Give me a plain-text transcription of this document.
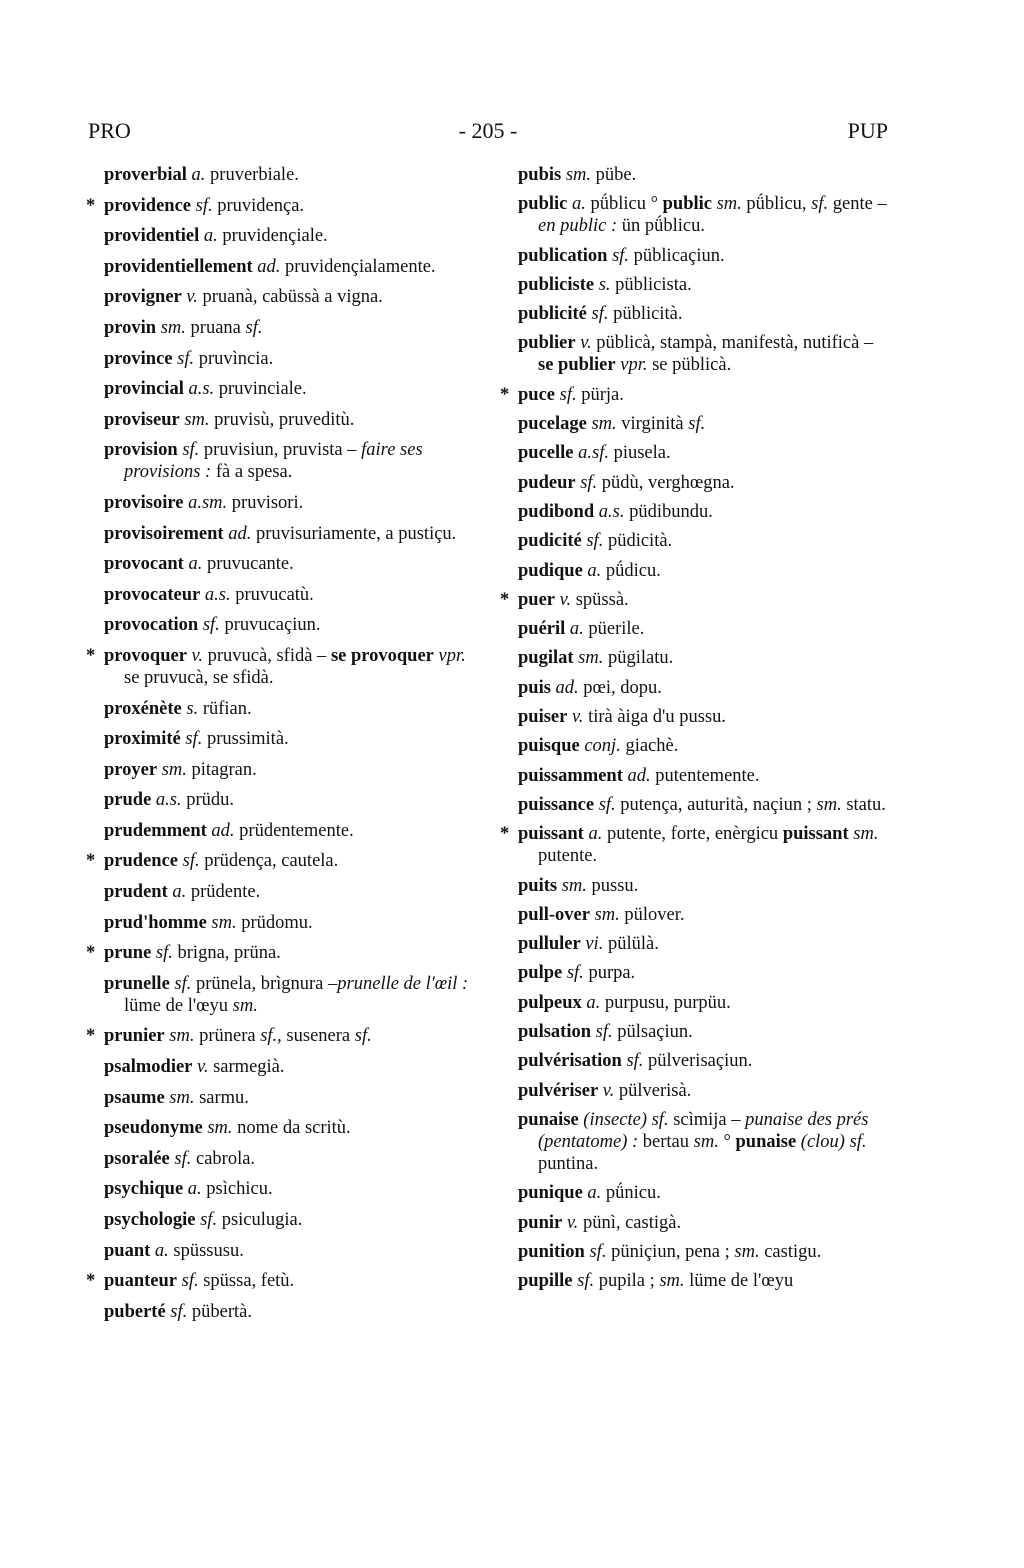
PRO	- 205 -	PUP
proverbial a. pruverbiale.
* providence sf. pruvidença.
providentiel a. pruvidençiale.
providentiellement ad. pruvidençialamente.
provigner v. pruanà, cabüssà a vigna.
provin sm. pruana sf.
province sf. pruvìncia.
provincial a.s. pruvinciale.
proviseur sm. pruvisù, pruveditù.
provision sf. pruvisiun, pruvista – faire ses provisions : fà a spesa.
provisoire a.sm. pruvisori.
provisoirement ad. pruvisuriamente, a pustiçu.
provocant a. pruvucante.
provocateur a.s. pruvucatù.
provocation sf. pruvucaçiun.
* provoquer v. pruvucà, sfidà – se provoquer vpr. se pruvucà, se sfidà.
proxénète s. rüfian.
proximité sf. prussimità.
proyer sm. pitagran.
prude a.s. prüdu.
prudemment ad. prüdentemente.
* prudence sf. prüdença, cautela.
prudent a. prüdente.
prud'homme sm. prüdomu.
* prune sf. brigna, prüna.
prunelle sf. prünela, brìgnura –prunelle de l'œil : lüme de l'œyu sm.
* prunier sm. prünera sf., susenera sf.
psalmodier v. sarmegià.
psaume sm. sarmu.
pseudonyme sm. nome da scritù.
psoralée sf. cabrola.
psychique a. psìchicu.
psychologie sf. psiculugia.
puant a. spüssusu.
* puanteur sf. spüssa, fetù.
puberté sf. pübertà.
pubis sm. pübe.
public a. pǘblicu ° public sm. pǘblicu, sf. gente – en public : ün pǘblicu.
publication sf. püblicaçiun.
publiciste s. püblicista.
publicité sf. püblicità.
publier v. püblicà, stampà, manifestà, nutificà – se publier vpr. se püblicà.
* puce sf. pürja.
pucelage sm. virginità sf.
pucelle a.sf. piusela.
pudeur sf. püdù, verghœgna.
pudibond a.s. püdibundu.
pudicité sf. püdicità.
pudique a. pǘdicu.
* puer v. spüssà.
puéril a. püerile.
pugilat sm. pügilatu.
puis ad. pœi, dopu.
puiser v. tirà àiga d'u pussu.
puisque conj. giachè.
puissamment ad. putentemente.
puissance sf. putença, auturità, naçiun ; sm. statu.
* puissant a. putente, forte, enèrgicu puissant sm. putente.
puits sm. pussu.
pull-over sm. pülover.
pulluler vi. pülülà.
pulpe sf. purpa.
pulpeux a. purpusu, purpüu.
pulsation sf. pülsaçiun.
pulvérisation sf. pülverisaçiun.
pulvériser v. pülverisà.
punaise (insecte) sf. scìmija – punaise des prés (pentatome) : bertau sm. ° punaise (clou) sf. puntina.
punique a. pǘnicu.
punir v. pünì, castigà.
punition sf. püniçiun, pena ; sm. castigu.
pupille sf. pupila ; sm. lüme de l'œyu
